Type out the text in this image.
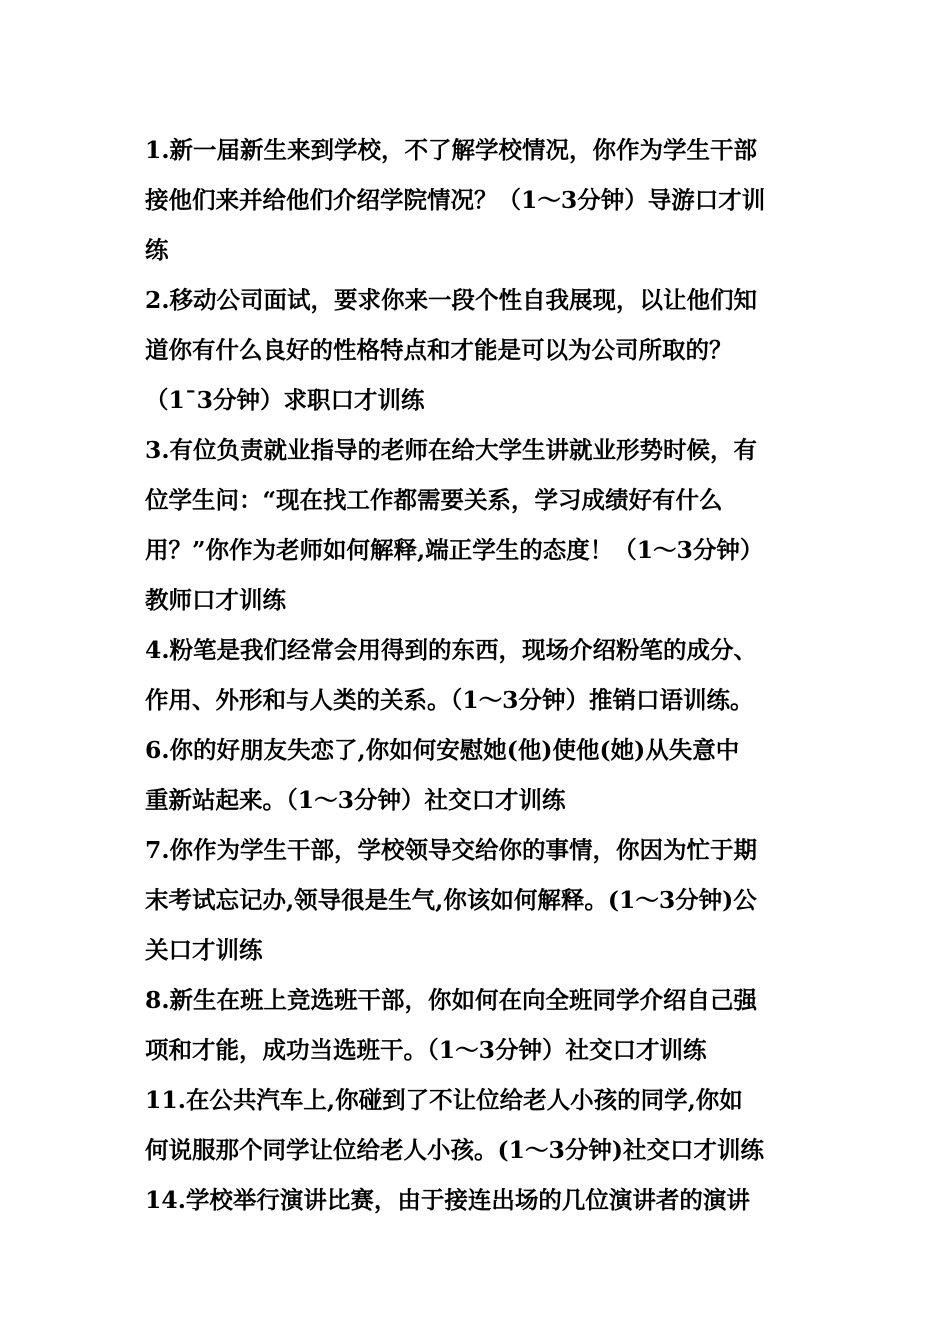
1.新一届新生来到学校，不了解学校情况，你作为学生干部
接他们来并给他们介绍学院情况？（1～3分钟）导游口才训
练
2.移动公司面试，要求你来一段个性自我展现，以让他们知
道你有什么良好的性格特点和才能是可以为公司所取的？
（1¯3分钟）求职口才训练
3.有位负责就业指导的老师在给大学生讲就业形势时候，有
位学生问：“现在找工作都需要关系，学习成绩好有什么
用？”你作为老师如何解释,端正学生的态度！（1～3分钟）
教师口才训练
4.粉笔是我们经常会用得到的东西，现场介绍粉笔的成分、
作用、外形和与人类的关系。（1～3分钟）推销口语训练。
6.你的好朋友失恋了,你如何安慰她(他)使他(她)从失意中
重新站起来。（1～3分钟）社交口才训练
7.你作为学生干部，学校领导交给你的事情，你因为忙于期
末考试忘记办,领导很是生气,你该如何解释。(1～3分钟)公
关口才训练
8.新生在班上竞选班干部，你如何在向全班同学介绍自己强
项和才能，成功当选班干。（1～3分钟）社交口才训练
11.在公共汽车上,你碰到了不让位给老人小孩的同学,你如
何说服那个同学让位给老人小孩。(1～3分钟)社交口才训练
14.学校举行演讲比赛，由于接连出场的几位演讲者的演讲
